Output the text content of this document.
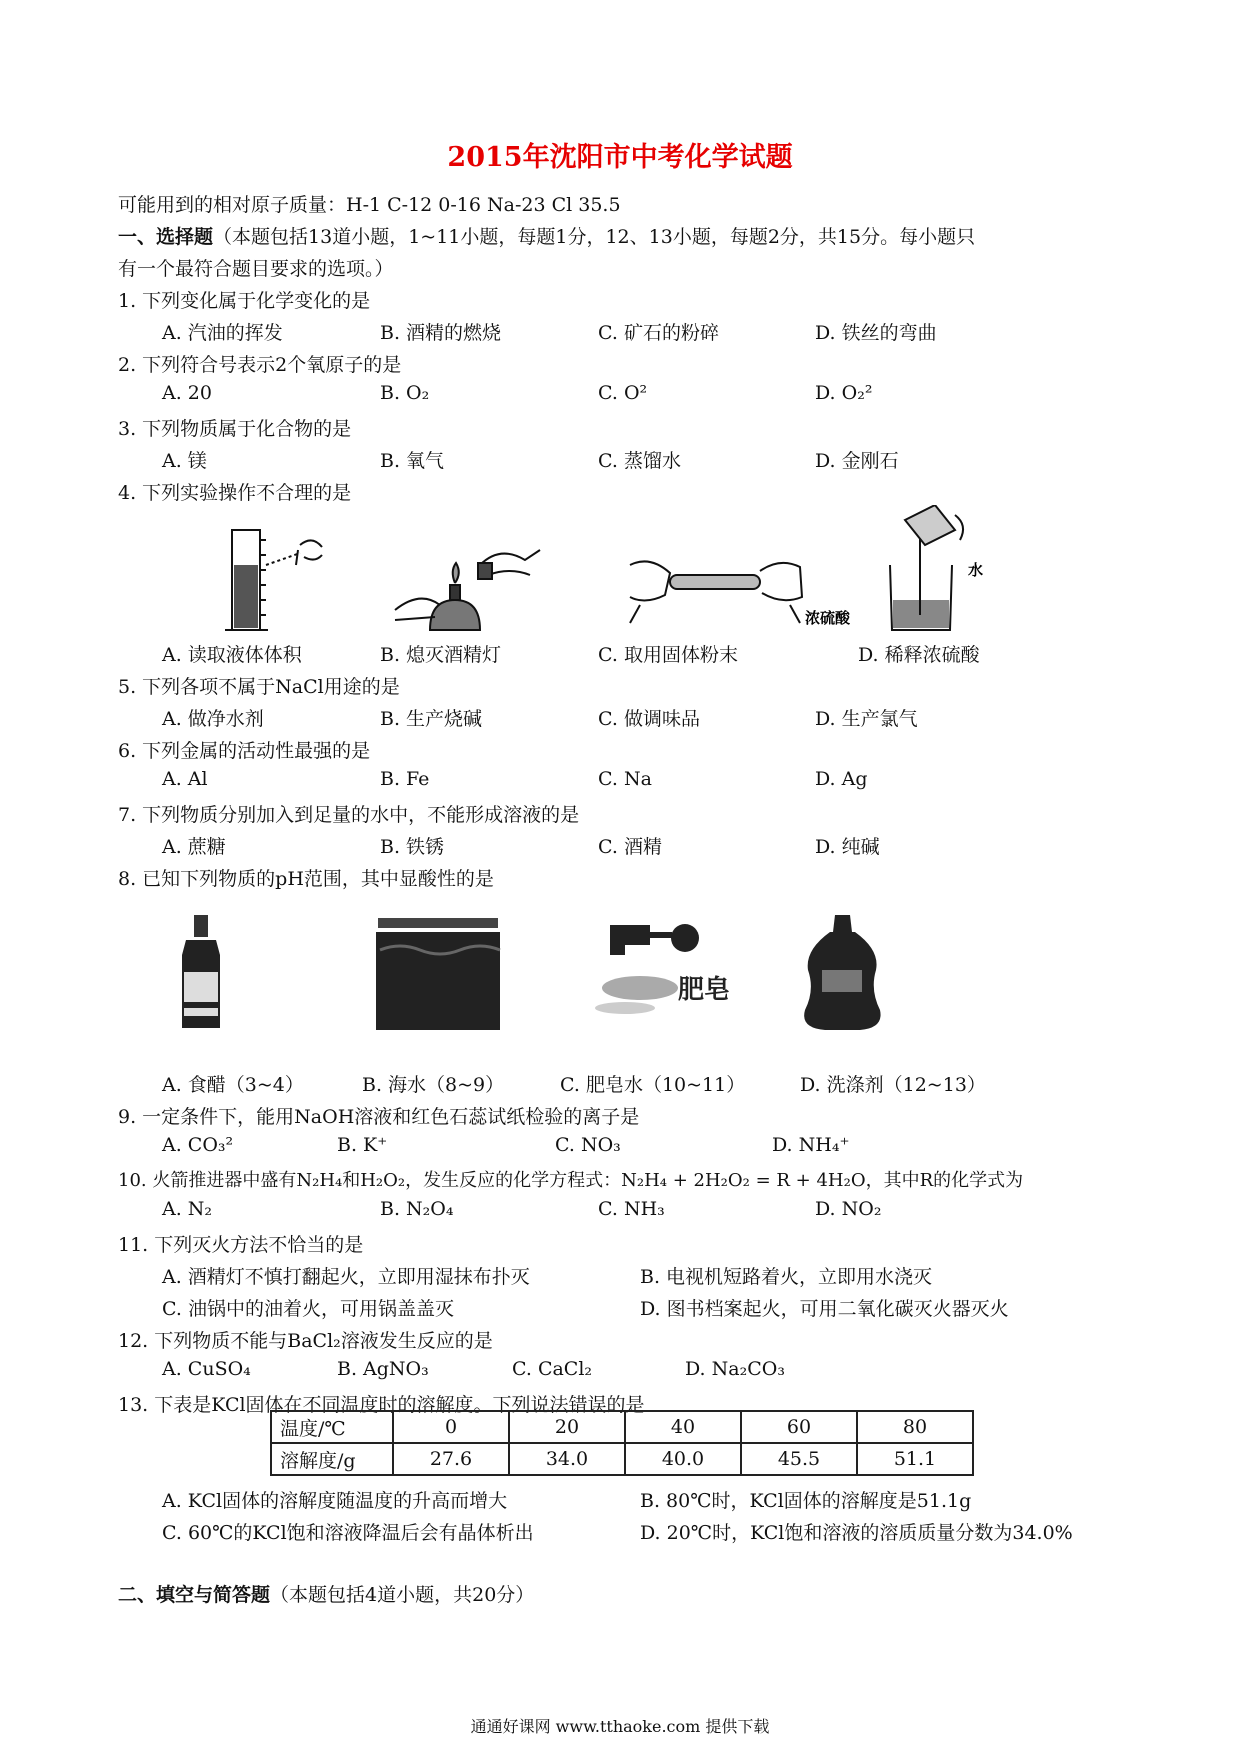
2015年沈阳市中考化学试题
可能用到的相对原子质量：H-1 C-12 0-16 Na-23 Cl 35.5
一、选择题（本题包括13道小题，1~11小题，每题1分，12、13小题，每题2分，共15分。每小题只
有一个最符合题目要求的选项。）
1. 下列变化属于化学变化的是
A. 汽油的挥发	B. 酒精的燃烧	C. 矿石的粉碎	D. 铁丝的弯曲
2. 下列符合号表示2个氧原子的是
A. 20	B. O₂	C. O²	D. O₂²
3. 下列物质属于化合物的是
A. 镁	B. 氧气	C. 蒸馏水	D. 金刚石
4. 下列实验操作不合理的是
浓硫酸
水
A. 读取液体体积	B. 熄灭酒精灯	C. 取用固体粉末	D. 稀释浓硫酸
5. 下列各项不属于NaCl用途的是
A. 做净水剂	B. 生产烧碱	C. 做调味品	D. 生产氯气
6. 下列金属的活动性最强的是
A. Al	B. Fe	C. Na	D. Ag
7. 下列物质分别加入到足量的水中，不能形成溶液的是
A. 蔗糖	B. 铁锈	C. 酒精	D. 纯碱
8. 已知下列物质的pH范围，其中显酸性的是
肥皂
A. 食醋（3~4）	B. 海水（8~9）	C. 肥皂水（10~11）	D. 洗涤剂（12~13）
9. 一定条件下，能用NaOH溶液和红色石蕊试纸检验的离子是
A. CO₃²	B. K⁺	C. NO₃	D. NH₄⁺
10. 火箭推进器中盛有N₂H₄和H₂O₂，发生反应的化学方程式：N₂H₄ + 2H₂O₂ = R + 4H₂O，其中R的化学式为
A. N₂	B. N₂O₄	C. NH₃	D. NO₂
11. 下列灭火方法不恰当的是
A. 酒精灯不慎打翻起火，立即用湿抹布扑灭	B. 电视机短路着火，立即用水浇灭
C. 油锅中的油着火，可用锅盖盖灭	D. 图书档案起火，可用二氧化碳灭火器灭火
12. 下列物质不能与BaCl₂溶液发生反应的是
A. CuSO₄	B. AgNO₃	C. CaCl₂	D. Na₂CO₃
13. 下表是KCl固体在不同温度时的溶解度。下列说法错误的是
温度/℃	0	20	40	60	80
溶解度/g	27.6	34.0	40.0	45.5	51.1
A. KCl固体的溶解度随温度的升高而增大	B. 80℃时，KCl固体的溶解度是51.1g
C. 60℃的KCl饱和溶液降温后会有晶体析出	D. 20℃时，KCl饱和溶液的溶质质量分数为34.0%
二、填空与简答题（本题包括4道小题，共20分）
通通好课网 www.tthaoke.com 提供下载
